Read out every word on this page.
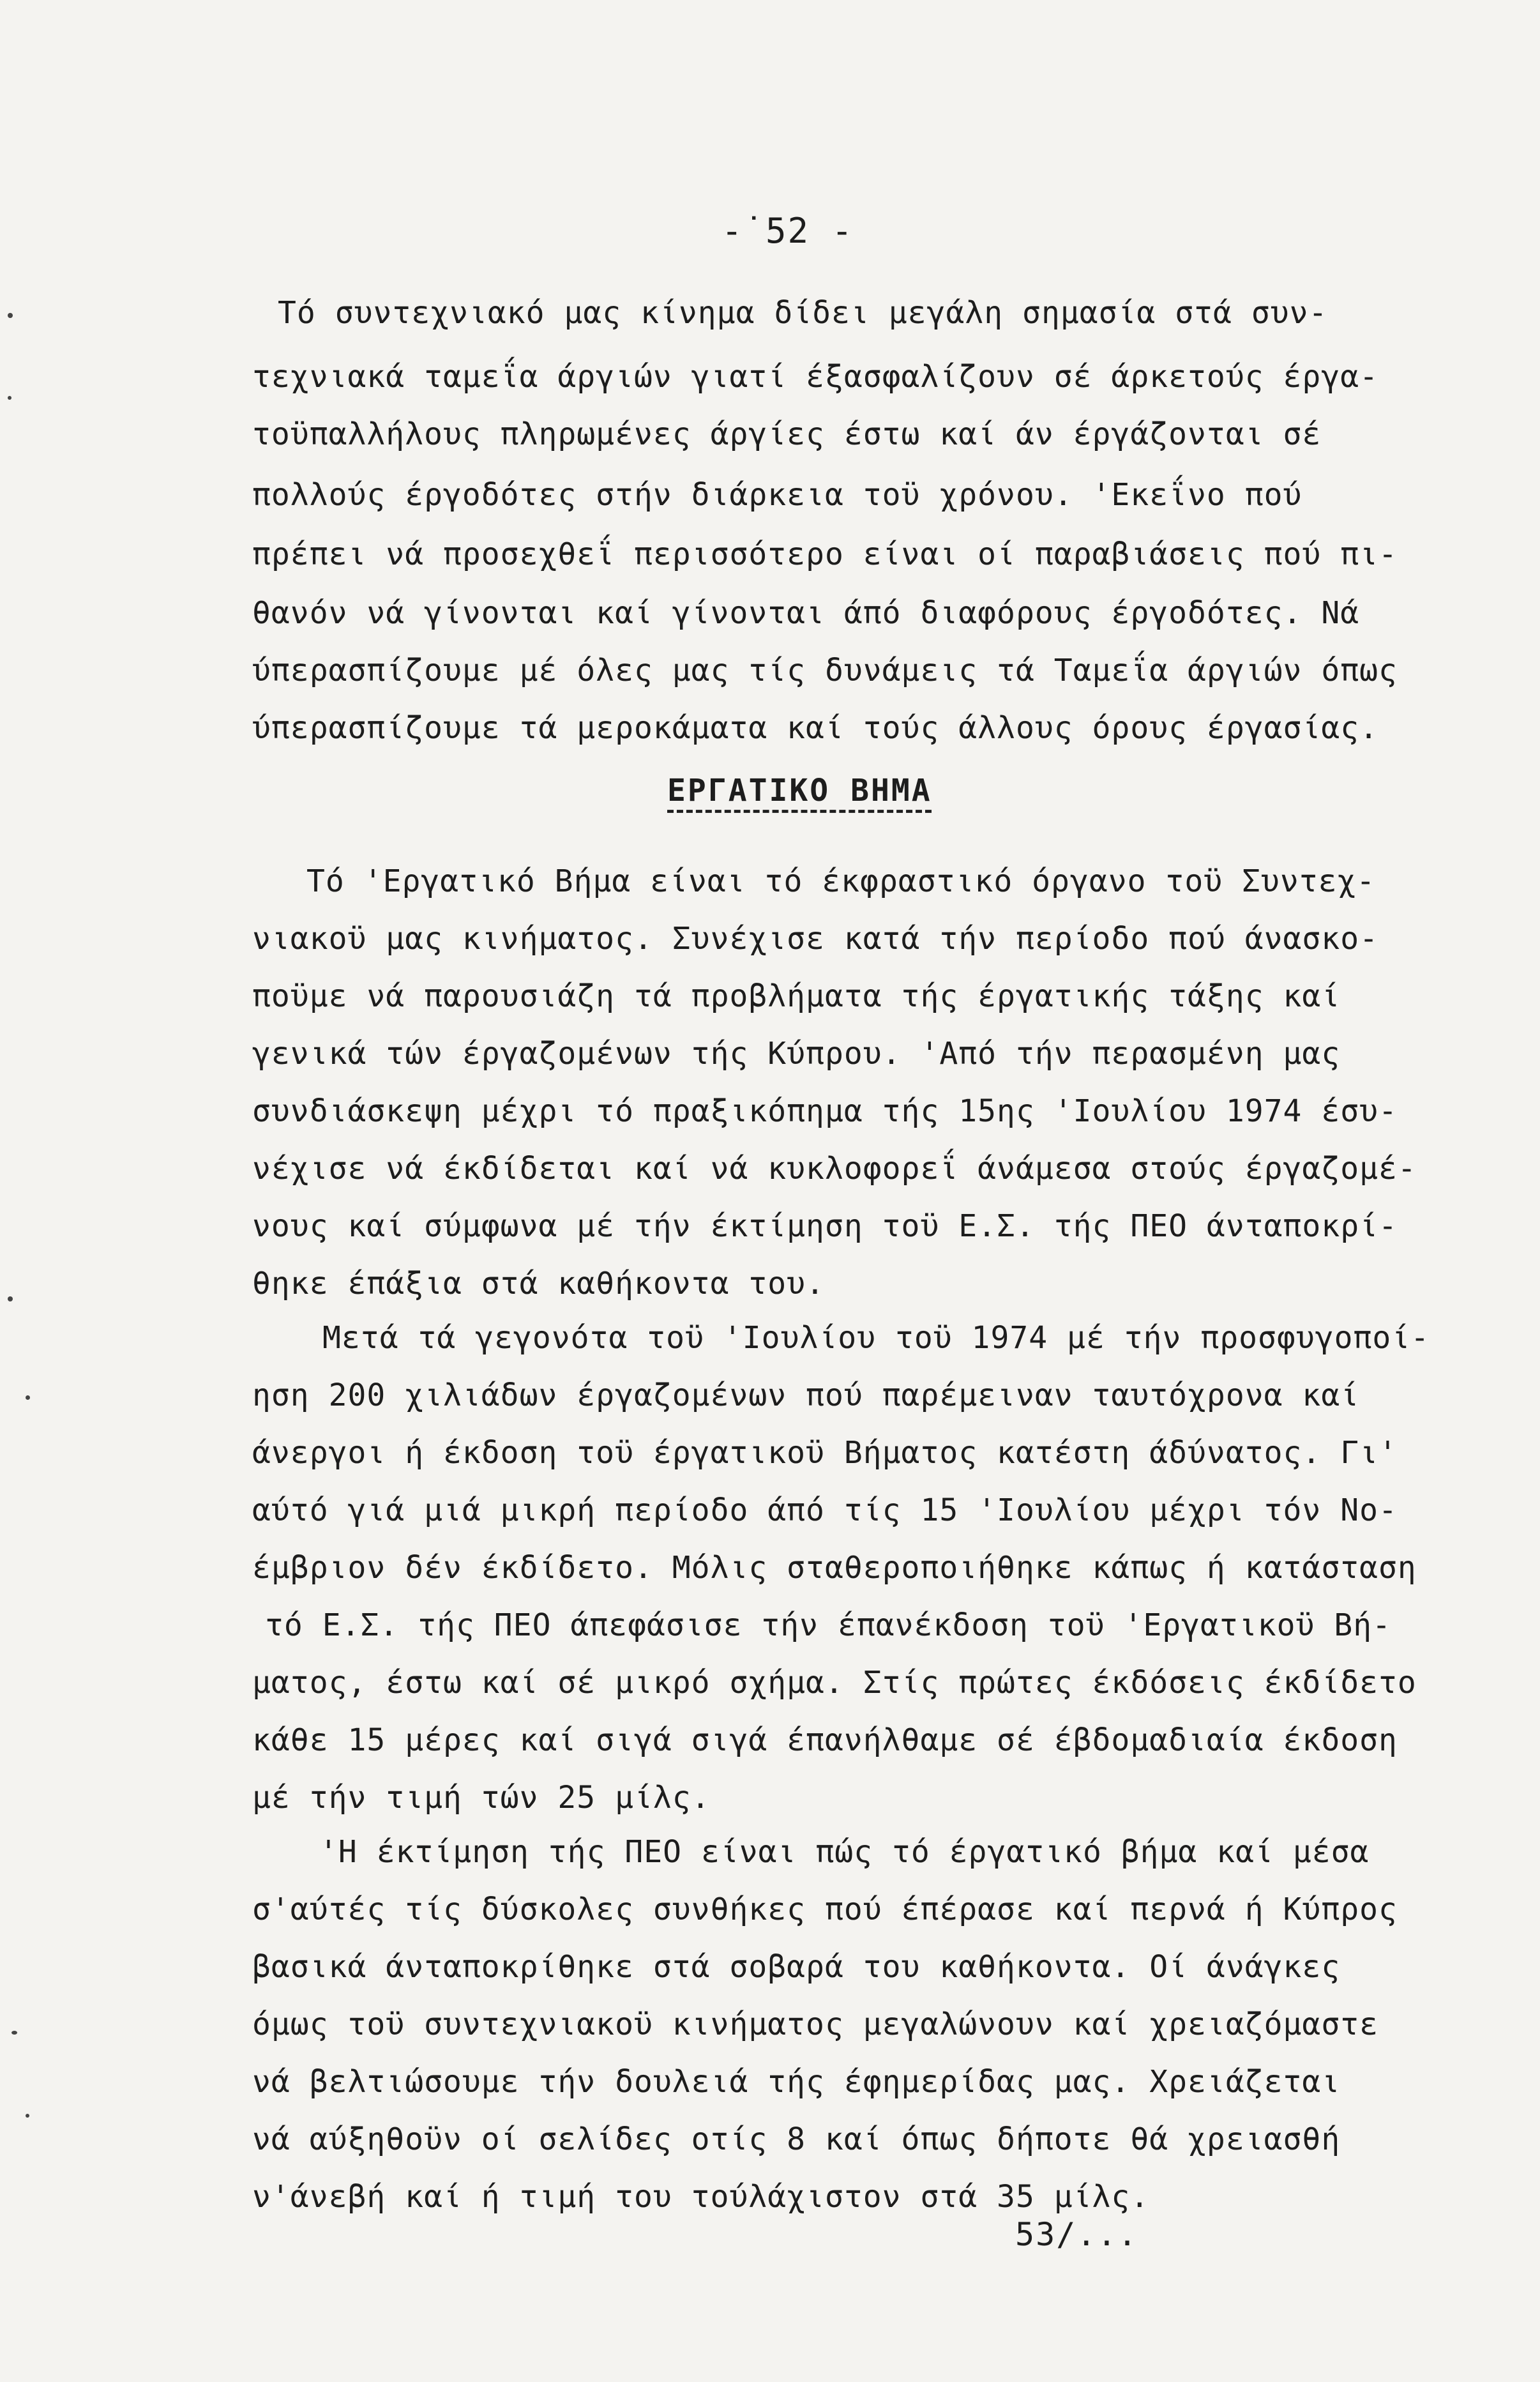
-˙52 -
Τό συντεχνιακό μας κίνημα δίδει μεγάλη σημασία στά συν-
τεχνιακά ταμεΐα άργιών γιατί έξασφαλίζουν σέ άρκετούς έργα-
τοϋπαλλήλους πληρωμένες άργίες έστω καί άν έργάζονται σέ
πολλούς έργοδότες στήν διάρκεια τοϋ χρόνου. 'Εκεΐνο πού
πρέπει νά προσεχθεΐ περισσότερο είναι οί παραβιάσεις πού πι-
θανόν νά γίνονται καί γίνονται άπό διαφόρους έργοδότες. Νά
ύπερασπίζουμε μέ όλες μας τίς δυνάμεις τά Ταμεΐα άργιών όπως
ύπερασπίζουμε τά μεροκάματα καί τούς άλλους όρους έργασίας.
ΕΡΓΑΤΙΚΟ ΒΗΜΑ
Τό 'Εργατικό Βήμα είναι τό έκφραστικό όργανο τοϋ Συντεχ-
νιακοϋ μας κινήματος. Συνέχισε κατά τήν περίοδο πού άνασκο-
ποϋμε νά παρουσιάζη τά προβλήματα τής έργατικής τάξης καί
γενικά τών έργαζομένων τής Κύπρου. 'Από τήν περασμένη μας
συνδιάσκεψη μέχρι τό πραξικόπημα τής 15ης 'Ιουλίου 1974 έσυ-
νέχισε νά έκδίδεται καί νά κυκλοφορεΐ άνάμεσα στούς έργαζομέ-
νους καί σύμφωνα μέ τήν έκτίμηση τοϋ Ε.Σ. τής ΠΕΟ άνταποκρί-
θηκε έπάξια στά καθήκοντα του.
Μετά τά γεγονότα τοϋ 'Ιουλίου τοϋ 1974 μέ τήν προσφυγοποί-
ηση 200 χιλιάδων έργαζομένων πού παρέμειναν ταυτόχρονα καί
άνεργοι ή έκδοση τοϋ έργατικοϋ Βήματος κατέστη άδύνατος. Γι'
αύτό γιά μιά μικρή περίοδο άπό τίς 15 'Ιουλίου μέχρι τόν Νο-
έμβριον δέν έκδίδετο. Μόλις σταθεροποιήθηκε κάπως ή κατάσταση
τό Ε.Σ. τής ΠΕΟ άπεφάσισε τήν έπανέκδοση τοϋ 'Εργατικοϋ Βή-
ματος, έστω καί σέ μικρό σχήμα. Στίς πρώτες έκδόσεις έκδίδετο
κάθε 15 μέρες καί σιγά σιγά έπανήλθαμε σέ έβδομαδιαία έκδοση
μέ τήν τιμή τών 25 μίλς.
'Η έκτίμηση τής ΠΕΟ είναι πώς τό έργατικό βήμα καί μέσα
σ'αύτές τίς δύσκολες συνθήκες πού έπέρασε καί περνά ή Κύπρος
βασικά άνταποκρίθηκε στά σοβαρά του καθήκοντα. Οί άνάγκες
όμως τοϋ συντεχνιακοϋ κινήματος μεγαλώνουν καί χρειαζόμαστε
νά βελτιώσουμε τήν δουλειά τής έφημερίδας μας. Χρειάζεται
νά αύξηθοϋν οί σελίδες οτίς 8 καί όπως δήποτε θά χρειασθή
ν'άνεβή καί ή τιμή του τούλάχιστον στά 35 μίλς.
53/...
